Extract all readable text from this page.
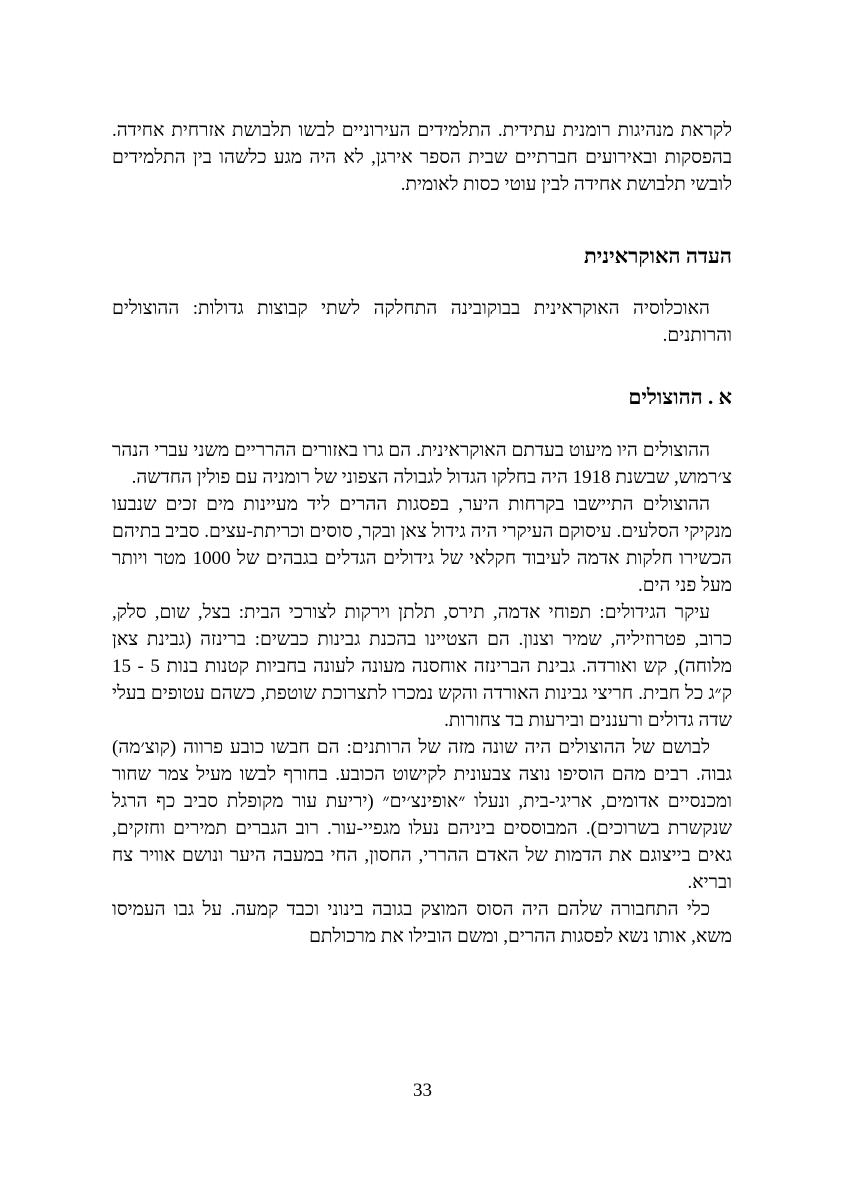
לקראת מנהיגות רומנית עתידית. התלמידים העירוניים לבשו תלבושת אזרחית אחידה. בהפסקות ובאירועים חברתיים שבית הספר אירגן, לא היה מגע כלשהו בין התלמידים לובשי תלבושת אחידה לבין עוטי כסות לאומית.

העדה האוקראינית

האוכלוסיה האוקראינית בבוקובינה התחלקה לשתי קבוצות גדולות: ההוצולים והרותנים.

א . ההוצולים

ההוצולים היו מיעוט בעדתם האוקראינית. הם גרו באזורים ההרריים משני עברי הנהר צ׳רמוש, שבשנת 1918 היה בחלקו הגדול לגבולה הצפוני של רומניה עם פולין החדשה.

ההוצולים התיישבו בקרחות היער, בפסגות ההרים ליד מעיינות מים זכים שנבעו מנקיקי הסלעים. עיסוקם העיקרי היה גידול צאן ובקר, סוסים וכריתת-עצים. סביב בתיהם הכשירו חלקות אדמה לעיבוד חקלאי של גידולים הגדלים בגבהים של 1000 מטר ויותר מעל פני הים.

עיקר הגידולים: תפוחי אדמה, תירס, תלתן וירקות לצורכי הבית: בצל, שום, סלק, כרוב, פטרוזיליה, שמיר וצנון. הם הצטיינו בהכנת גבינות כבשים: ברינזה (גבינת צאן מלוחה), קש ואורדה. גבינת הברינזה אוחסנה מעונה לעונה בחביות קטנות בנות 5 - 15 ק״ג כל חבית. חריצי גבינות האורדה והקש נמכרו לתצרוכת שוטפת, כשהם עטופים בעלי שדה גדולים ורעננים ובירעות בד צחורות.

לבושם של ההוצולים היה שונה מזה של הרותנים: הם חבשו כובע פרווה (קוצ׳מה) גבוה. רבים מהם הוסיפו נוצה צבעונית לקישוט הכובע. בחורף לבשו מעיל צמר שחור ומכנסיים אדומים, אריגי-בית, ונעלו ״אופינצ׳ים״ (יריעת עור מקופלת סביב כף הרגל שנקשרת בשרוכים). המבוססים ביניהם נעלו מגפיי-עור. רוב הגברים תמירים וחזקים, גאים בייצוגם את הדמות של האדם ההררי, החסון, החי במעבה היער ונושם אוויר צח ובריא.

כלי התחבורה שלהם היה הסוס המוצק בגובה בינוני וכבד קמעה. על גבו העמיסו משא, אותו נשא לפסגות ההרים, ומשם הובילו את מרכולתם

33
